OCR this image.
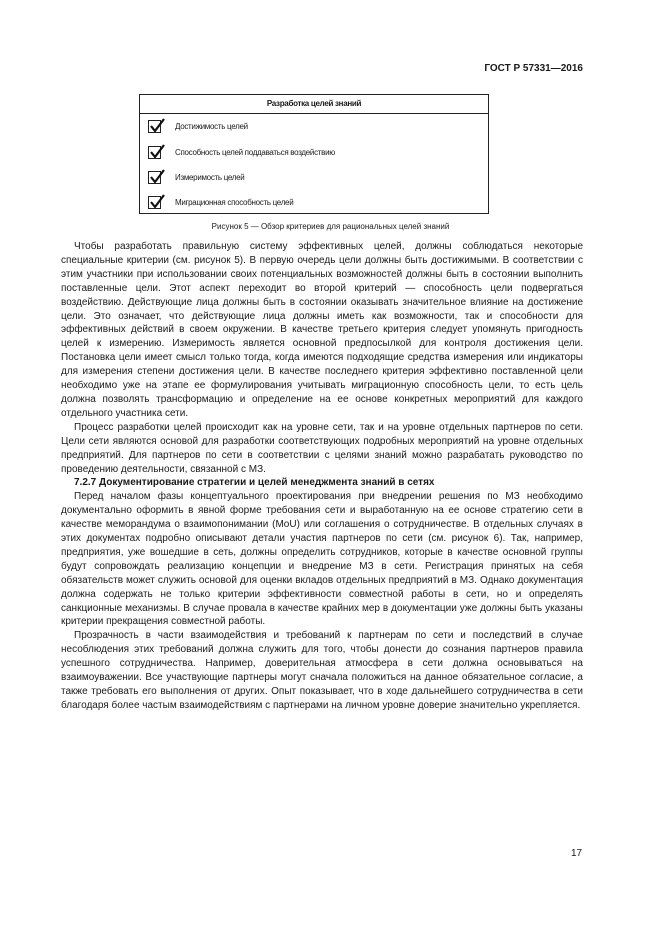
ГОСТ Р 57331—2016
Разработка целей знаний
Достижимость целей
Способность целей поддаваться воздействию
Измеримость целей
Миграционная способность целей
Рисунок 5 — Обзор критериев для рациональных целей знаний

Чтобы разработать правильную систему эффективных целей, должны соблюдаться некоторые специальные критерии (см. рисунок 5). В первую очередь цели должны быть достижимыми. В соответствии с этим участники при использовании своих потенциальных возможностей должны быть в состоянии выполнить поставленные цели. Этот аспект переходит во второй критерий — способность цели подвергаться воздействию. Действующие лица должны быть в состоянии оказывать значительное влияние на достижение цели. Это означает, что действующие лица должны иметь как возможности, так и способности для эффективных действий в своем окружении. В качестве третьего критерия следует упомянуть пригодность целей к измерению. Измеримость является основной предпосылкой для контроля достижения цели. Постановка цели имеет смысл только тогда, когда имеются подходящие средства измерения или индикаторы для измерения степени достижения цели. В качестве последнего критерия эффективно поставленной цели необходимо уже на этапе ее формулирования учитывать миграционную способность цели, то есть цель должна позволять трансформацию и определение на ее основе конкретных мероприятий для каждого отдельного участника сети.

Процесс разработки целей происходит как на уровне сети, так и на уровне отдельных партнеров по сети. Цели сети являются основой для разработки соответствующих подробных мероприятий на уровне отдельных предприятий. Для партнеров по сети в соответствии с целями знаний можно разрабатать руководство по проведению деятельности, связанной с МЗ.

7.2.7 Документирование стратегии и целей менеджмента знаний в сетях

Перед началом фазы концептуального проектирования при внедрении решения по МЗ необходимо документально оформить в явной форме требования сети и выработанную на ее основе стратегию сети в качестве меморандума о взаимопонимании (MoU) или соглашения о сотрудничестве. В отдельных случаях в этих документах подробно описывают детали участия партнеров по сети (см. рисунок 6). Так, например, предприятия, уже вошедшие в сеть, должны определить сотрудников, которые в качестве основной группы будут сопровождать реализацию концепции и внедрение МЗ в сети. Регистрация принятых на себя обязательств может служить основой для оценки вкладов отдельных предприятий в МЗ. Однако документация должна содержать не только критерии эффективности совместной работы в сети, но и определять санкционные механизмы. В случае провала в качестве крайних мер в документации уже должны быть указаны критерии прекращения совместной работы.

Прозрачность в части взаимодействия и требований к партнерам по сети и последствий в случае несоблюдения этих требований должна служить для того, чтобы донести до сознания партнеров правила успешного сотрудничества. Например, доверительная атмосфера в сети должна основываться на взаимоуважении. Все участвующие партнеры могут сначала положиться на данное обязательное согласие, а также требовать его выполнения от других. Опыт показывает, что в ходе дальнейшего сотрудничества в сети благодаря более частым взаимодействиям с партнерами на личном уровне доверие значительно укрепляется.

17
